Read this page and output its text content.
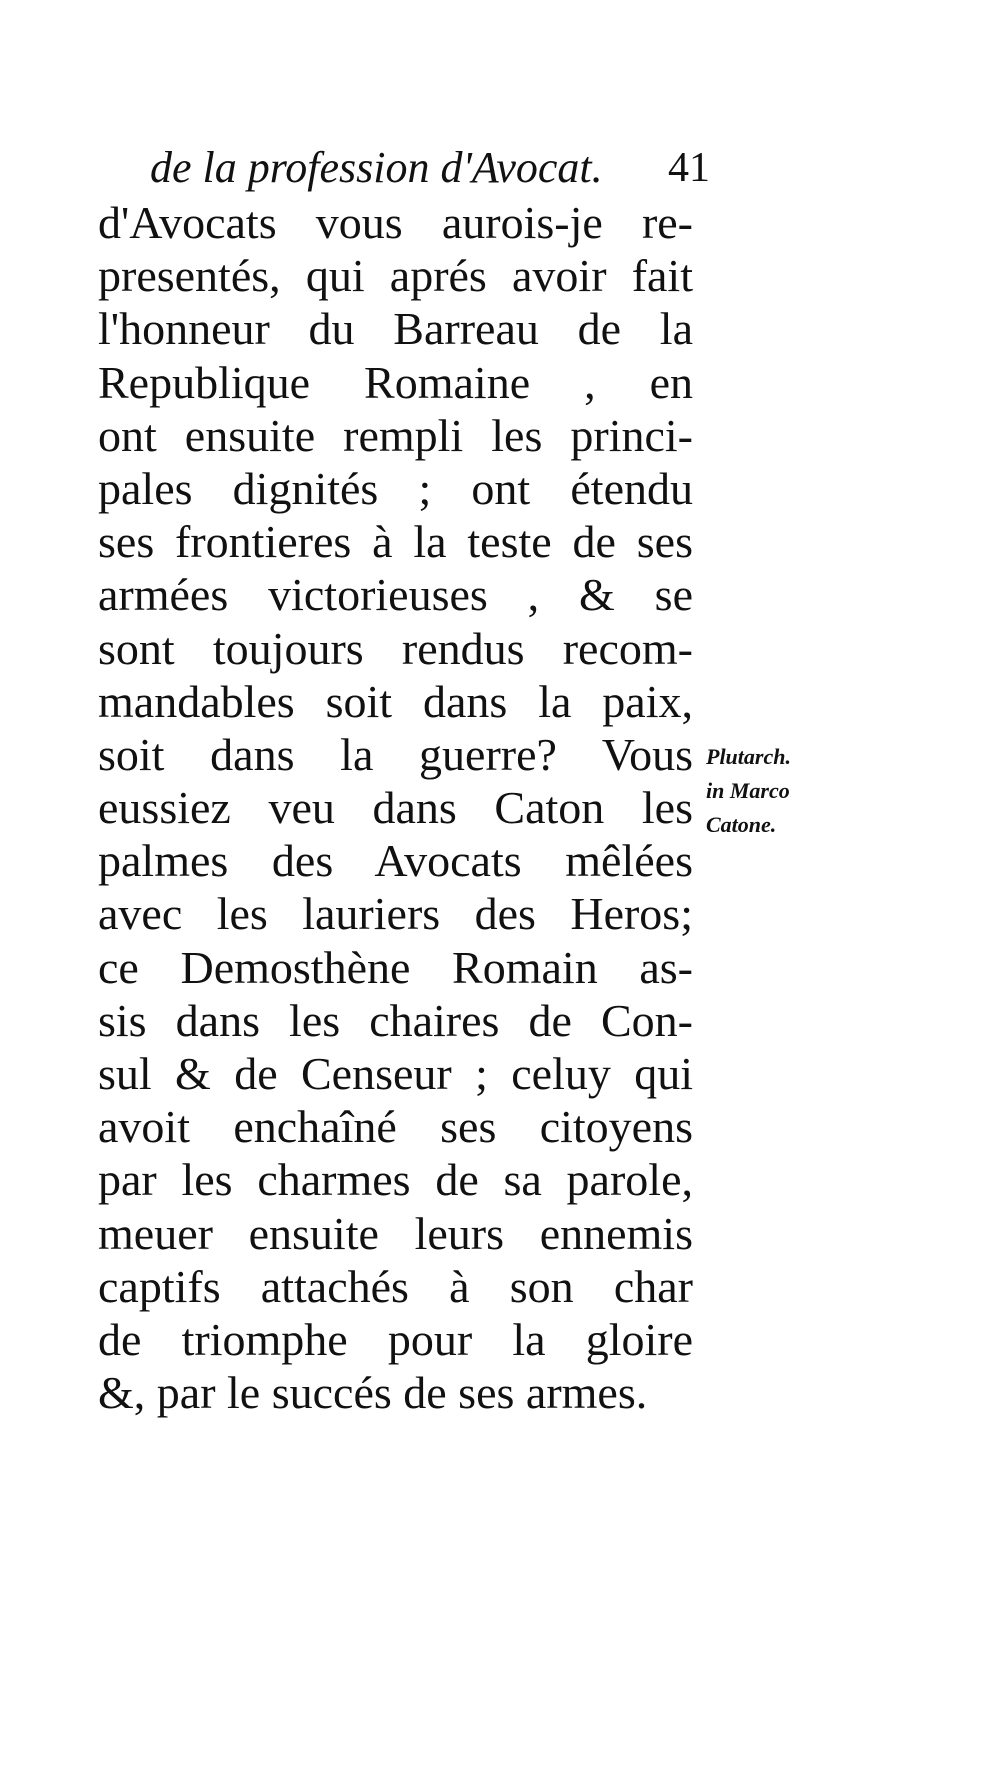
de la profession d'Avocat. 41
d'Avocats vous aurois-je re-
presentés, qui aprés avoir fait
l'honneur du Barreau de la
Republique Romaine , en
ont ensuite rempli les princi-
pales dignités ; ont étendu
ses frontieres à la teste de ses
armées victorieuses , & se
sont toujours rendus recom-
mandables soit dans la paix,
soit dans la guerre? Vous
eussiez veu dans Caton les
palmes des Avocats mêlées
avec les lauriers des Heros;
ce Demosthène Romain as-
sis dans les chaires de Con-
sul & de Censeur ; celuy qui
avoit enchaîné ses citoyens
par les charmes de sa parole,
meuer ensuite leurs ennemis
captifs attachés à son char
de triomphe pour la gloire
&, par le succés de ses armes.
Plutarch.
in Marco
Catone.
